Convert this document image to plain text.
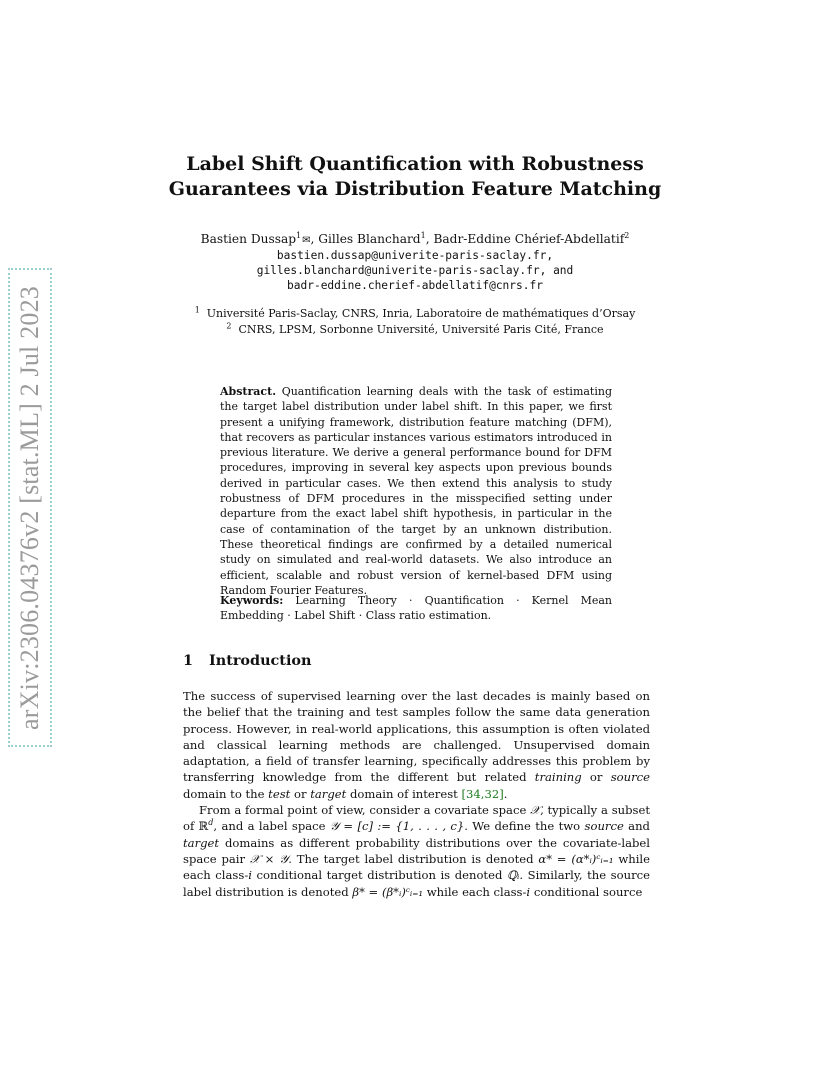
arXiv:2306.04376v2 [stat.ML] 2 Jul 2023
Label Shift Quantification with Robustness
Guarantees via Distribution Feature Matching
Bastien Dussap$^1$✉, Gilles Blanchard$^1$, Badr-Eddine Chérief-Abdellatif$^2$
bastien.dussap@univerite-paris-saclay.fr,
gilles.blanchard@univerite-paris-saclay.fr, and
badr-eddine.cherief-abdellatif@cnrs.fr
$^1$ Université Paris-Saclay, CNRS, Inria, Laboratoire de mathématiques d’Orsay
$^2$ CNRS, LPSM, Sorbonne Université, Université Paris Cité, France
Abstract. Quantification learning deals with the task of estimating the target label distribution under label shift. In this paper, we first present a unifying framework, distribution feature matching (DFM), that recovers as particular instances various estimators introduced in previous literature. We derive a general performance bound for DFM procedures, improving in several key aspects upon previous bounds derived in particular cases. We then extend this analysis to study robustness of DFM procedures in the misspecified setting under departure from the exact label shift hypothesis, in particular in the case of contamination of the target by an unknown distribution. These theoretical findings are confirmed by a detailed numerical study on simulated and real-world datasets. We also introduce an efficient, scalable and robust version of kernel-based DFM using Random Fourier Features.
Keywords: Learning Theory · Quantification · Kernel Mean Embedding · Label Shift · Class ratio estimation.
1 Introduction

The success of supervised learning over the last decades is mainly based on the belief that the training and test samples follow the same data generation process. However, in real-world applications, this assumption is often violated and classical learning methods are challenged. Unsupervised domain adaptation, a field of transfer learning, specifically addresses this problem by transferring knowledge from the different but related training or source domain to the test or target domain of interest [34,32].

From a formal point of view, consider a covariate space 𝒳, typically a subset of ℝ$^d$, and a label space 𝒴 = [c] := {1, . . . , c}. We define the two source and target domains as different probability distributions over the covariate-label space pair 𝒳 × 𝒴. The target label distribution is denoted α* = (α*ᵢ)ᶜᵢ₌₁ while each class-i conditional target distribution is denoted ℚᵢ. Similarly, the source label distribution is denoted β* = (β*ᵢ)ᶜᵢ₌₁ while each class-i conditional source
